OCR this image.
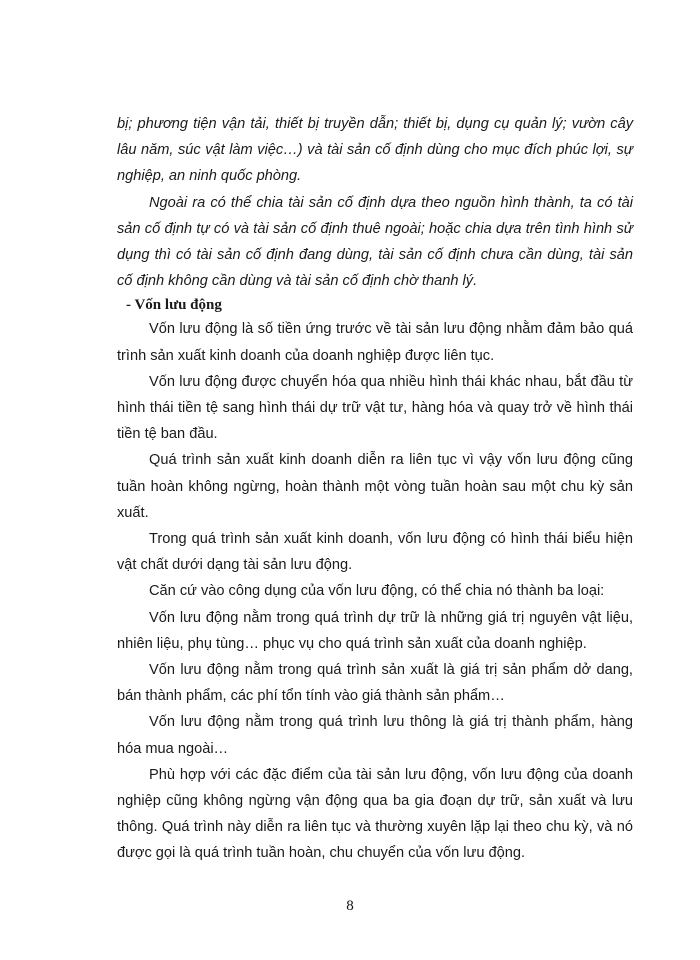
bị; phương tiện vận tải, thiết bị truyền dẫn; thiết bị, dụng cụ quản lý; vườn cây lâu năm, súc vật làm việc…) và tài sản cố định dùng cho mục đích phúc lợi, sự nghiệp, an ninh quốc phòng.

Ngoài ra có thể chia tài sản cố định dựa theo nguồn hình thành, ta có tài sản cố định tự có và tài sản cố định thuê ngoài; hoặc chia dựa trên tình hình sử dụng thì có tài sản cố định đang dùng, tài sản cố định chưa cần dùng, tài sản cố định không cần dùng và tài sản cố định chờ thanh lý.

- Vốn lưu động

Vốn lưu động là số tiền ứng trước về tài sản lưu động nhằm đảm bảo quá trình sản xuất kinh doanh của doanh nghiệp được liên tục.

Vốn lưu động được chuyển hóa qua nhiều hình thái khác nhau, bắt đầu từ hình thái tiền tệ sang hình thái dự trữ vật tư, hàng hóa và quay trở về hình thái tiền tệ ban đầu.

Quá trình sản xuất kinh doanh diễn ra liên tục vì vậy vốn lưu động cũng tuần hoàn không ngừng, hoàn thành một vòng tuần hoàn sau một chu kỳ sản xuất.

Trong quá trình sản xuất kinh doanh, vốn lưu động có hình thái biểu hiện vật chất dưới dạng tài sản lưu động.

Căn cứ vào công dụng của vốn lưu động, có thể chia nó thành ba loại:

Vốn lưu động nằm trong quá trình dự trữ là những giá trị nguyên vật liệu, nhiên liệu, phụ tùng… phục vụ cho quá trình sản xuất của doanh nghiệp.

Vốn lưu động nằm trong quá trình sản xuất là giá trị sản phẩm dở dang, bán thành phẩm, các phí tổn tính vào giá thành sản phẩm…

Vốn lưu động nằm trong quá trình lưu thông là giá trị thành phẩm, hàng hóa mua ngoài…

Phù hợp với các đặc điểm của tài sản lưu động, vốn lưu động của doanh nghiệp cũng không ngừng vận động qua ba gia đoạn dự trữ, sản xuất và lưu thông. Quá trình này diễn ra liên tục và thường xuyên lặp lại theo chu kỳ, và nó được gọi là quá trình tuần hoàn, chu chuyển của vốn lưu động.

8
